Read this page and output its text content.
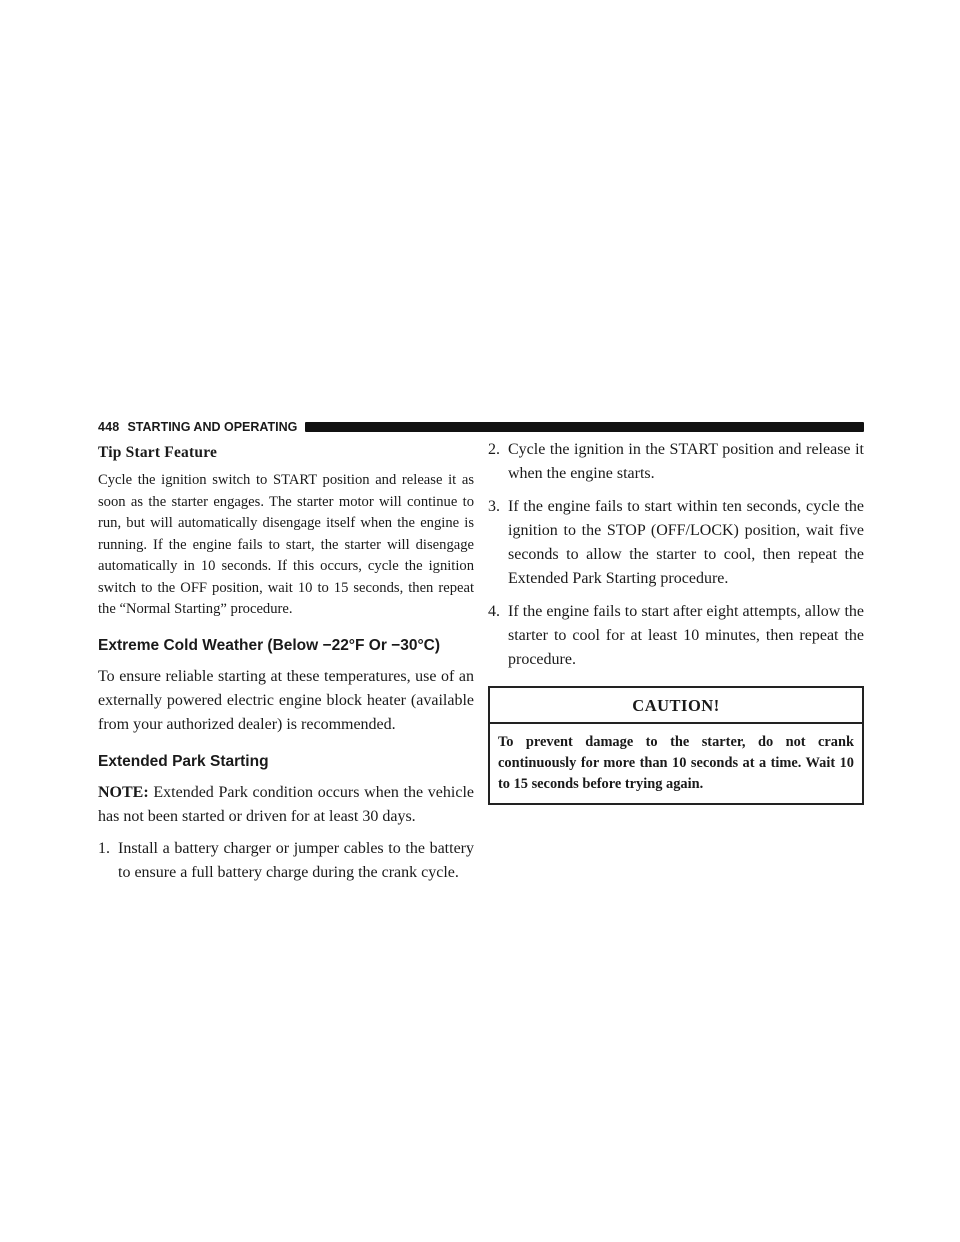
448 STARTING AND OPERATING
Tip Start Feature

Cycle the ignition switch to START position and release it as soon as the starter engages. The starter motor will continue to run, but will automatically disengage itself when the engine is running. If the engine fails to start, the starter will disengage automatically in 10 seconds. If this occurs, cycle the ignition switch to the OFF position, wait 10 to 15 seconds, then repeat the “Normal Starting” procedure.

Extreme Cold Weather (Below −22°F Or −30°C)

To ensure reliable starting at these temperatures, use of an externally powered electric engine block heater (available from your authorized dealer) is recommended.

Extended Park Starting

NOTE: Extended Park condition occurs when the vehicle has not been started or driven for at least 30 days.

1. Install a battery charger or jumper cables to the battery to ensure a full battery charge during the crank cycle.
2. Cycle the ignition in the START position and release it when the engine starts.
3. If the engine fails to start within ten seconds, cycle the ignition to the STOP (OFF/LOCK) position, wait five seconds to allow the starter to cool, then repeat the Extended Park Starting procedure.
4. If the engine fails to start after eight attempts, allow the starter to cool for at least 10 minutes, then repeat the procedure.
CAUTION!
To prevent damage to the starter, do not crank continuously for more than 10 seconds at a time. Wait 10 to 15 seconds before trying again.
